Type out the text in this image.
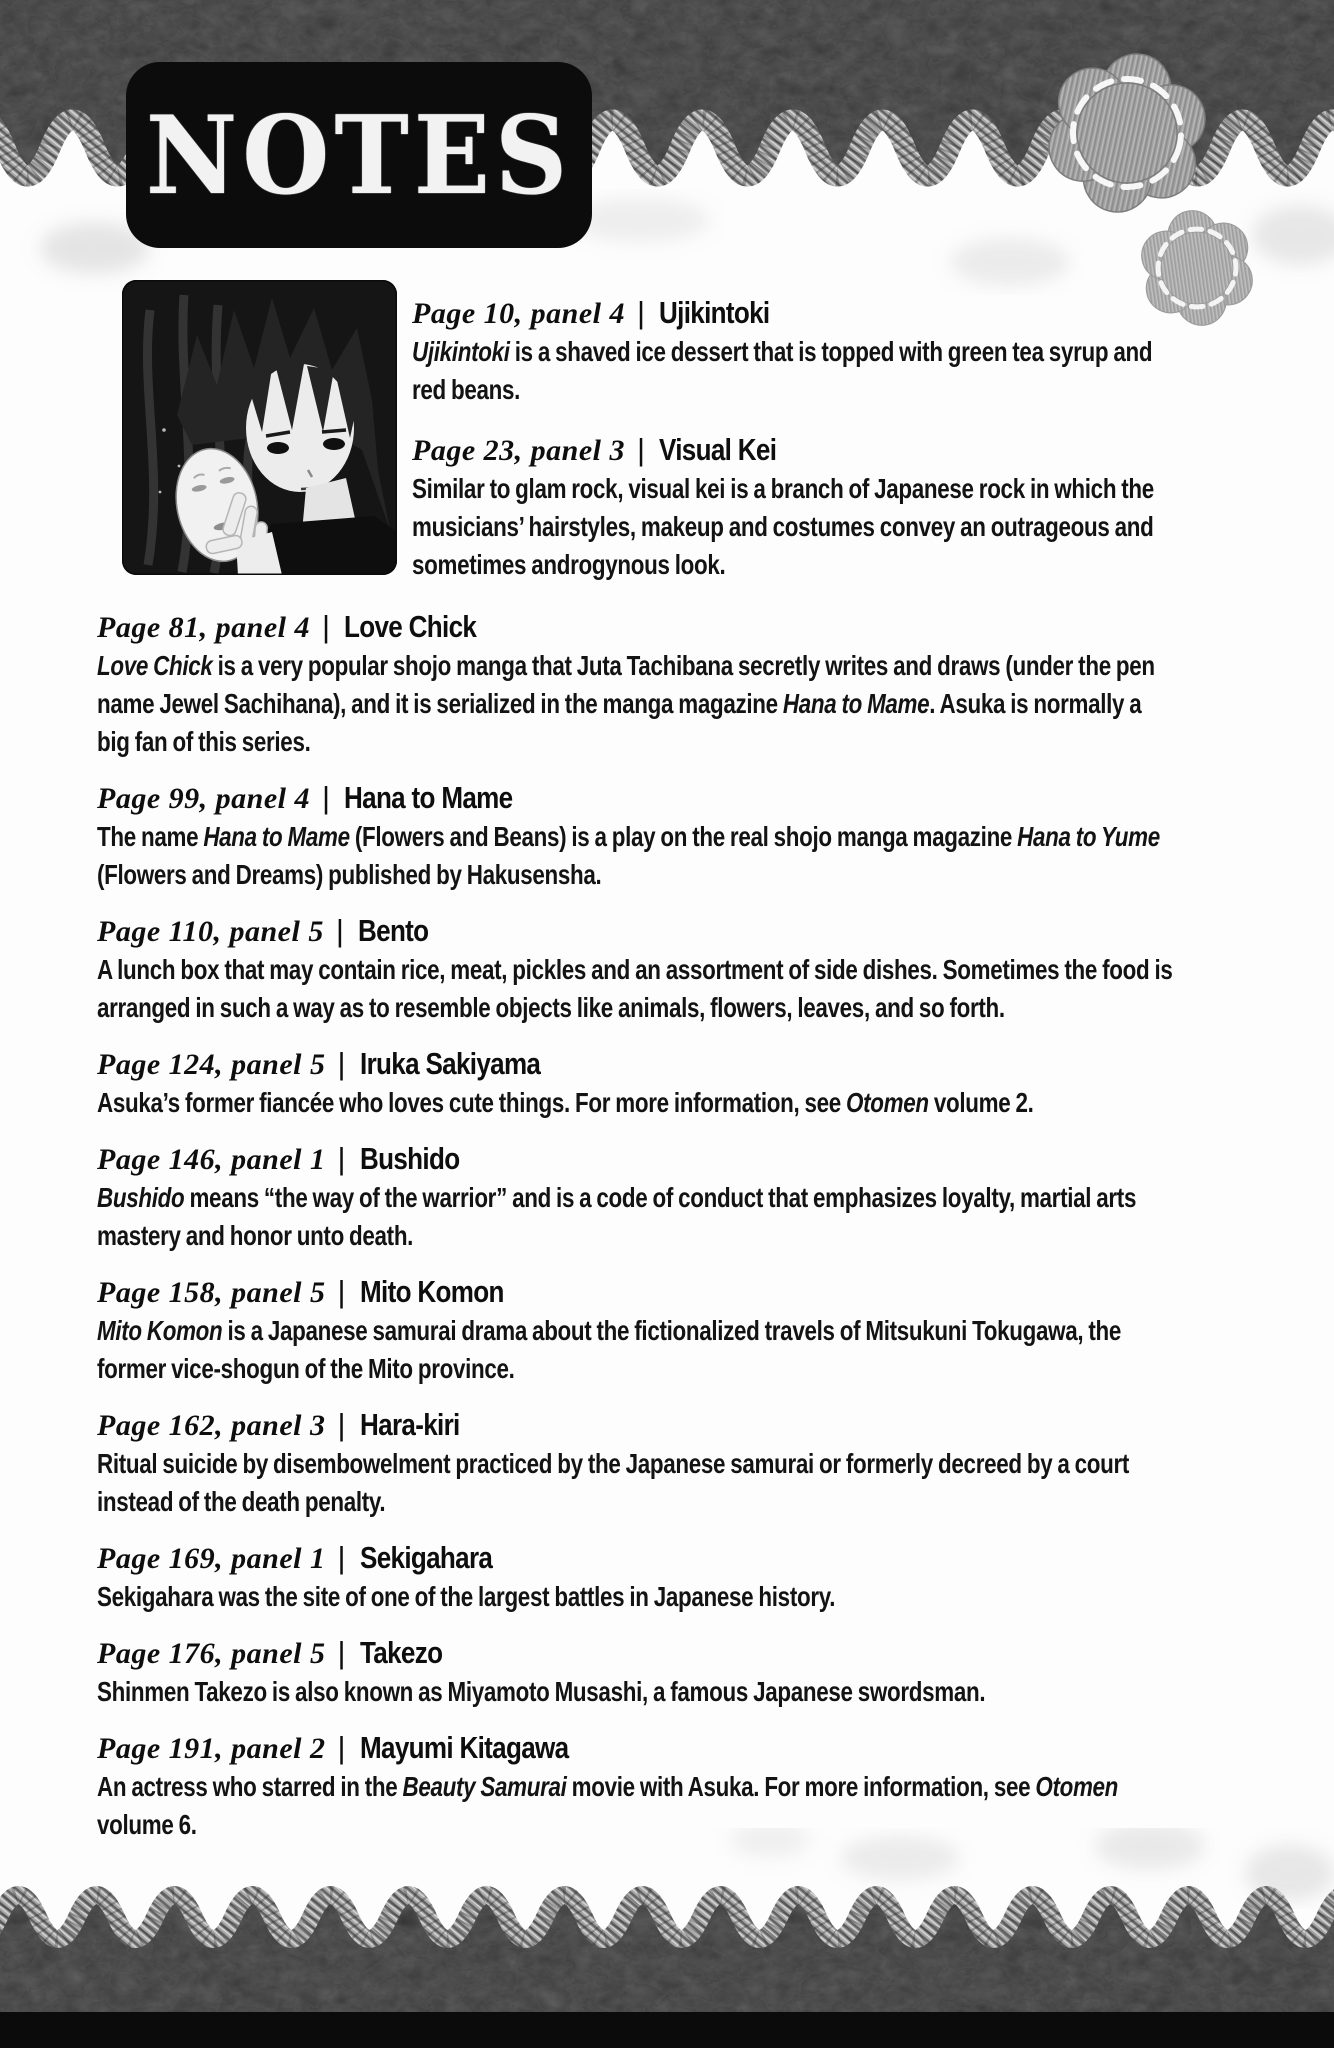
NOTES
Page 10, panel 4 | Ujikintoki

Ujikintoki is a shaved ice dessert that is topped with green tea syrup and red beans.

Page 23, panel 3 | Visual Kei

Similar to glam rock, visual kei is a branch of Japanese rock in which the musicians’ hairstyles, makeup and costumes convey an outrageous and sometimes androgynous look.

Page 81, panel 4 | Love Chick

Love Chick is a very popular shojo manga that Juta Tachibana secretly writes and draws (under the pen name Jewel Sachihana), and it is serialized in the manga magazine Hana to Mame. Asuka is normally a big fan of this series.

Page 99, panel 4 | Hana to Mame

The name Hana to Mame (Flowers and Beans) is a play on the real shojo manga magazine Hana to Yume (Flowers and Dreams) published by Hakusensha.

Page 110, panel 5 | Bento

A lunch box that may contain rice, meat, pickles and an assortment of side dishes. Sometimes the food is arranged in such a way as to resemble objects like animals, flowers, leaves, and so forth.

Page 124, panel 5 | Iruka Sakiyama

Asuka’s former fiancée who loves cute things. For more information, see Otomen volume 2.

Page 146, panel 1 | Bushido

Bushido means “the way of the warrior” and is a code of conduct that emphasizes loyalty, martial arts mastery and honor unto death.

Page 158, panel 5 | Mito Komon

Mito Komon is a Japanese samurai drama about the fictionalized travels of Mitsukuni Tokugawa, the former vice-shogun of the Mito province.

Page 162, panel 3 | Hara-kiri

Ritual suicide by disembowelment practiced by the Japanese samurai or formerly decreed by a court instead of the death penalty.

Page 169, panel 1 | Sekigahara

Sekigahara was the site of one of the largest battles in Japanese history.

Page 176, panel 5 | Takezo

Shinmen Takezo is also known as Miyamoto Musashi, a famous Japanese swordsman.

Page 191, panel 2 | Mayumi Kitagawa

An actress who starred in the Beauty Samurai movie with Asuka. For more information, see Otomen volume 6.
